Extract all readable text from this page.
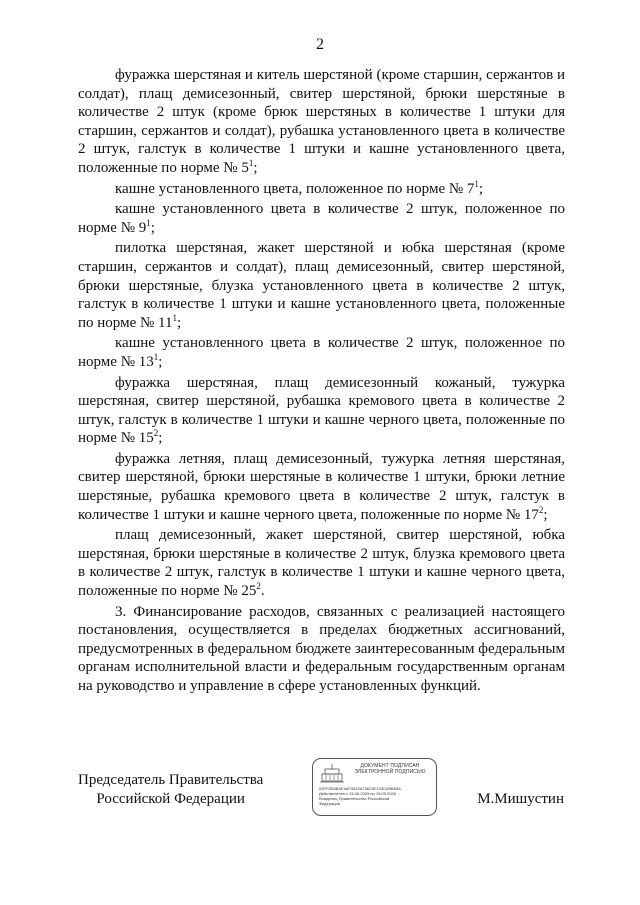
2

фуражка шерстяная и китель шерстяной (кроме старшин, сержантов и солдат), плащ демисезонный, свитер шерстяной, брюки шерстяные в количестве 2 штук (кроме брюк шерстяных в количестве 1 штуки для старшин, сержантов и солдат), рубашка установленного цвета в количестве 2 штук, галстук в количестве 1 штуки и кашне установленного цвета, положенные по норме № $5^1$;

кашне установленного цвета, положенное по норме № $7^1$;

кашне установленного цвета в количестве 2 штук, положенное по норме № $9^1$;

пилотка шерстяная, жакет шерстяной и юбка шерстяная (кроме старшин, сержантов и солдат), плащ демисезонный, свитер шерстяной, брюки шерстяные, блузка установленного цвета в количестве 2 штук, галстук в количестве 1 штуки и кашне установленного цвета, положенные по норме № $11^1$;

кашне установленного цвета в количестве 2 штук, положенное по норме № $13^1$;

фуражка шерстяная, плащ демисезонный кожаный, тужурка шерстяная, свитер шерстяной, рубашка кремового цвета в количестве 2 штук, галстук в количестве 1 штуки и кашне черного цвета, положенные по норме № $15^2$;

фуражка летняя, плащ демисезонный, тужурка летняя шерстяная, свитер шерстяной, брюки шерстяные в количестве 1 штуки, брюки летние шерстяные, рубашка кремового цвета в количестве 2 штук, галстук в количестве 1 штуки и кашне черного цвета, положенные по норме № $17^2$;

плащ демисезонный, жакет шерстяной, свитер шерстяной, юбка шерстяная, брюки шерстяные в количестве 2 штук, блузка кремового цвета в количестве 2 штук, галстук в количестве 1 штуки и кашне черного цвета, положенные по норме № $25^2$.

3. Финансирование расходов, связанных с реализацией настоящего постановления, осуществляется в пределах бюджетных ассигнований, предусмотренных в федеральном бюджете заинтересованным федеральным органам исполнительной власти и федеральным государственным органам на руководство и управление в сфере установленных функций.

Председатель Правительства
Российской Федерации
ДОКУМЕНТ ПОДПИСАН
ЭЛЕКТРОННОЙ ПОДПИСЬЮ
00FF9D6BAF4AF0815A796C5FC6E329B65A
Действителен с 26.06.2025 по 19.09.2026
Владелец Правительство Российской
Федерации	М.Мишустин
